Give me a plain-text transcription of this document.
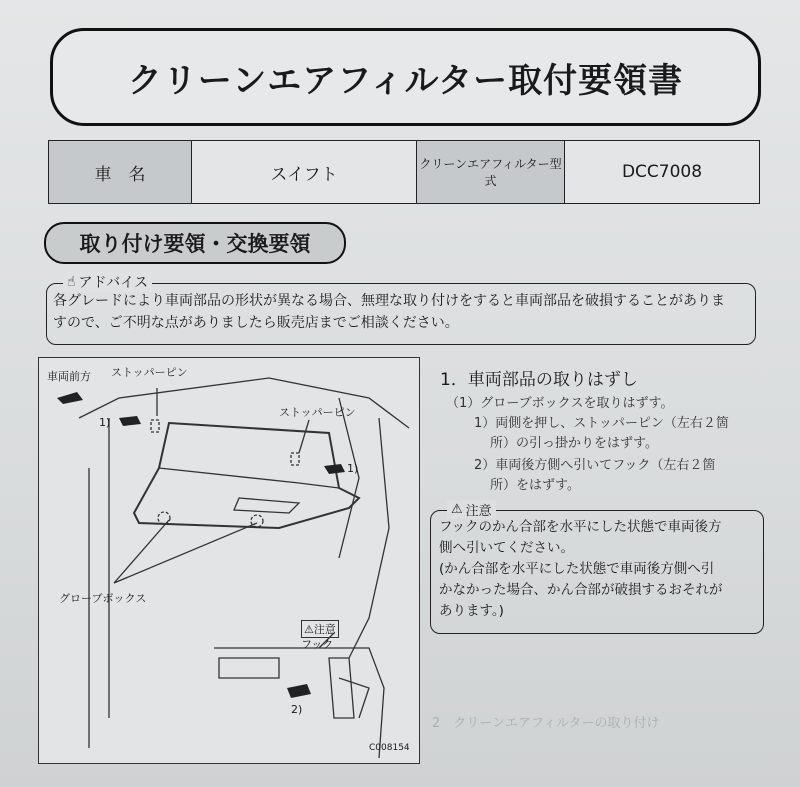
クリーンエアフィルター取付要領書
車　名	スイフト	クリーンエアフィルター型式	DCC7008
取り付け要領・交換要領
☝ アドバイス
各グレードにより車両部品の形状が異なる場合、無理な取り付けをすると車両部品を破損することがありま
すので、ご不明な点がありましたら販売店までご相談ください。
車両前方 ストッパーピン
ストッパーピン
1)
1)
グローブボックス
⚠注意
フック
2)
C008154
1．車両部品の取りはずし
（1）グローブボックスを取りはずす。
1）両側を押し、ストッパーピン（左右２箇
所）の引っ掛かりをはずす。
2）車両後方側へ引いてフック（左右２箇
所）をはずす。
⚠ 注意
フックのかん合部を水平にした状態で車両後方
側へ引いてください。
(かん合部を水平にした状態で車両後方側へ引
かなかった場合、かん合部が破損するおそれが
あります。)
2　クリーンエアフィルターの取り付け
